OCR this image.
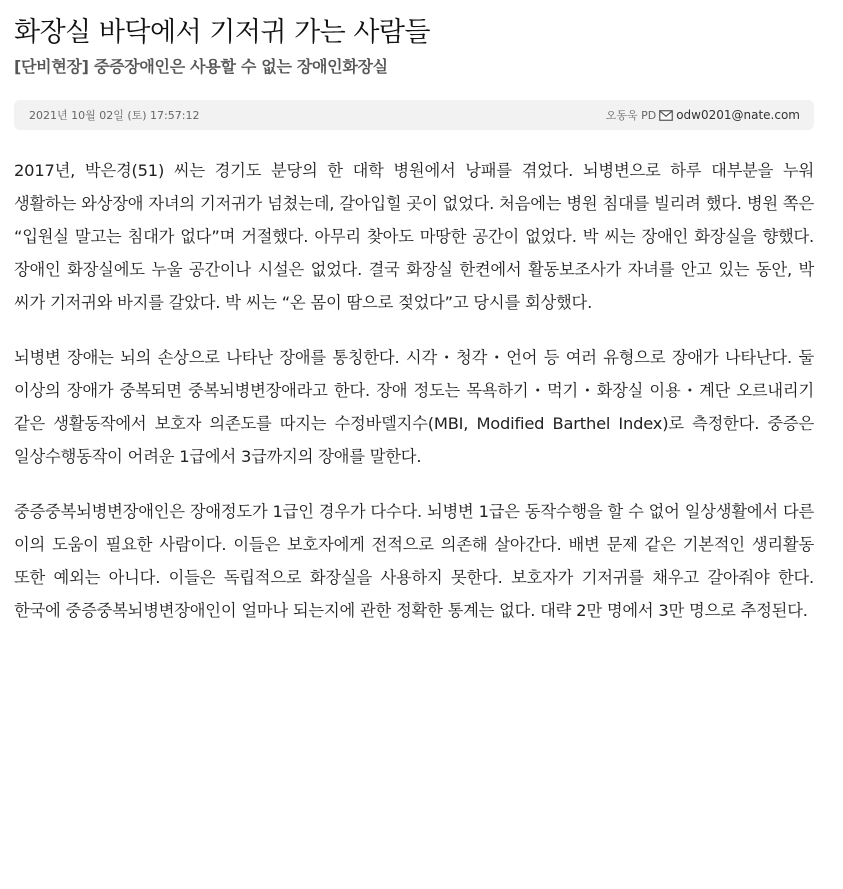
화장실 바닥에서 기저귀 가는 사람들
[단비현장] 중증장애인은 사용할 수 없는 장애인화장실
2021년 10월 02일 (토) 17:57:12	오동욱 PD odw0201@nate.com

2017년, 박은경(51) 씨는 경기도 분당의 한 대학 병원에서 낭패를 겪었다. 뇌병변으로 하루 대부분을 누워 생활하는 와상장애 자녀의 기저귀가 넘쳤는데, 갈아입힐 곳이 없었다. 처음에는 병원 침대를 빌리려 했다. 병원 쪽은 “입원실 말고는 침대가 없다”며 거절했다. 아무리 찾아도 마땅한 공간이 없었다. 박 씨는 장애인 화장실을 향했다. 장애인 화장실에도 누울 공간이나 시설은 없었다. 결국 화장실 한켠에서 활동보조사가 자녀를 안고 있는 동안, 박 씨가 기저귀와 바지를 갈았다. 박 씨는 “온 몸이 땀으로 젖었다”고 당시를 회상했다.

뇌병변 장애는 뇌의 손상으로 나타난 장애를 통칭한다. 시각・청각・언어 등 여러 유형으로 장애가 나타난다. 둘 이상의 장애가 중복되면 중복뇌병변장애라고 한다. 장애 정도는 목욕하기・먹기・화장실 이용・계단 오르내리기 같은 생활동작에서 보호자 의존도를 따지는 수정바델지수(MBI, Modified Barthel Index)로 측정한다. 중증은 일상수행동작이 어려운 1급에서 3급까지의 장애를 말한다.

중증중복뇌병변장애인은 장애정도가 1급인 경우가 다수다. 뇌병변 1급은 동작수행을 할 수 없어 일상생활에서 다른 이의 도움이 필요한 사람이다. 이들은 보호자에게 전적으로 의존해 살아간다. 배변 문제 같은 기본적인 생리활동 또한 예외는 아니다. 이들은 독립적으로 화장실을 사용하지 못한다. 보호자가 기저귀를 채우고 갈아줘야 한다. 한국에 중증중복뇌병변장애인이 얼마나 되는지에 관한 정확한 통계는 없다. 대략 2만 명에서 3만 명으로 추정된다.
